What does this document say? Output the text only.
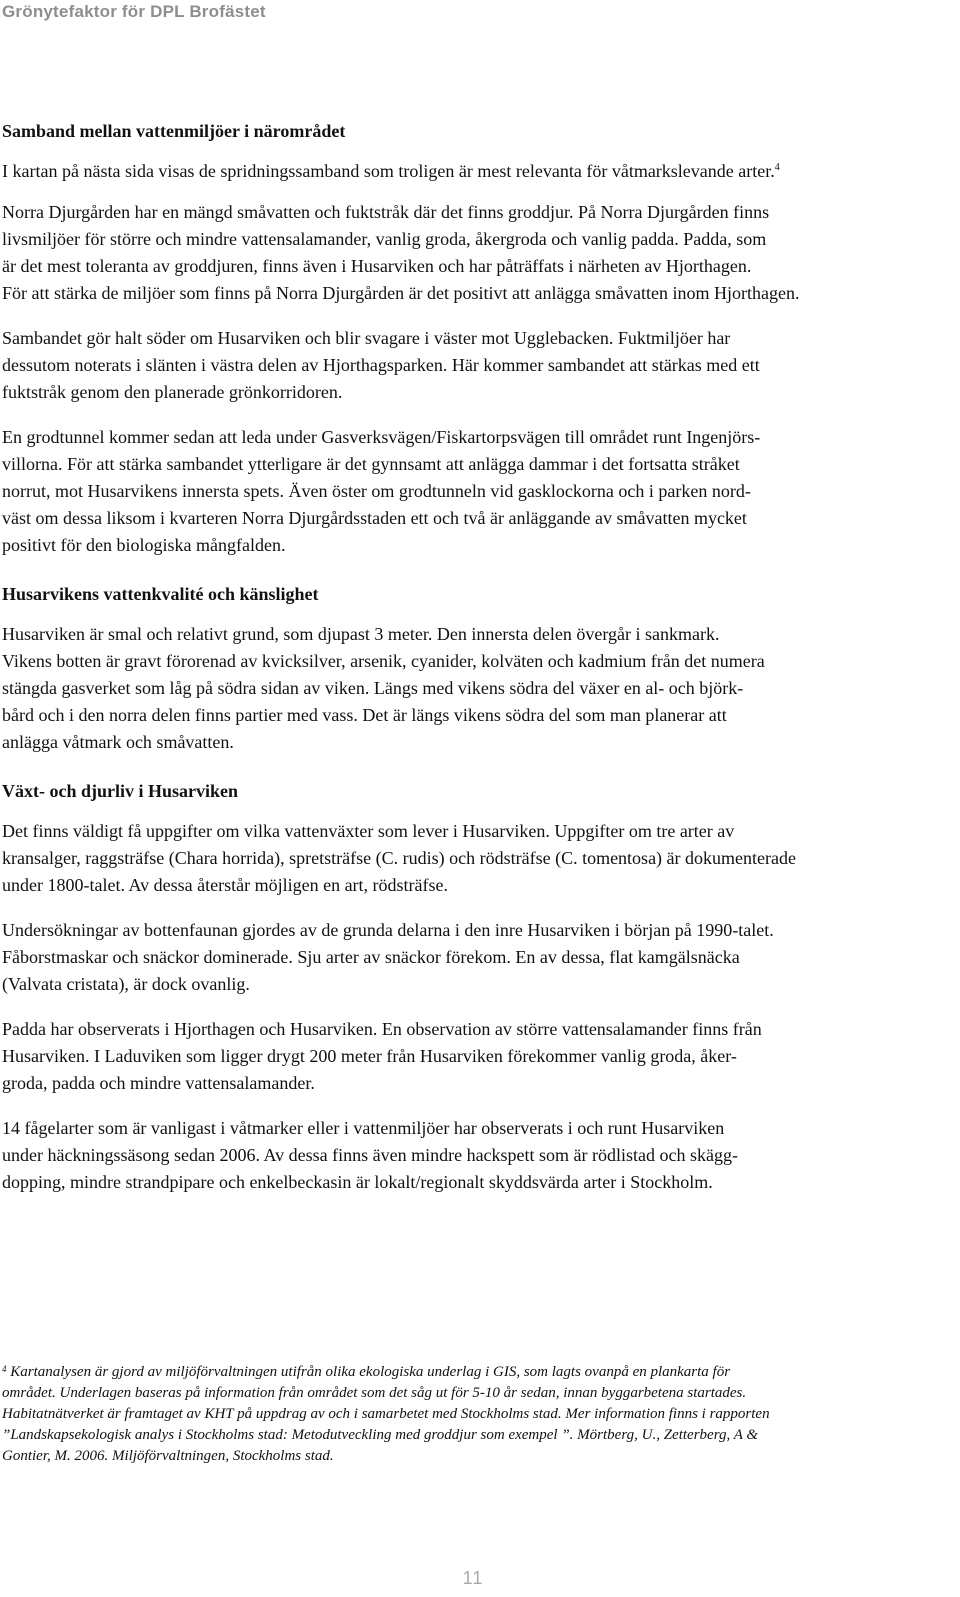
Grönytefaktor för DPL Brofästet
Samband mellan vattenmiljöer i närområdet

I kartan på nästa sida visas de spridningssamband som troligen är mest relevanta för våtmarkslevande arter.$^4$

Norra Djurgården har en mängd småvatten och fuktstråk där det finns groddjur. På Norra Djurgården finns
livsmiljöer för större och mindre vattensalamander, vanlig groda, åkergroda och vanlig padda. Padda, som
är det mest toleranta av groddjuren, finns även i Husarviken och har påträffats i närheten av Hjorthagen.
För att stärka de miljöer som finns på Norra Djurgården är det positivt att anlägga småvatten inom Hjorthagen.

Sambandet gör halt söder om Husarviken och blir svagare i väster mot Ugglebacken. Fuktmiljöer har
dessutom noterats i slänten i västra delen av Hjorthagsparken. Här kommer sambandet att stärkas med ett
fuktstråk genom den planerade grönkorridoren.

En grodtunnel kommer sedan att leda under Gasverksvägen/Fiskartorpsvägen till området runt Ingenjörs-
villorna. För att stärka sambandet ytterligare är det gynnsamt att anlägga dammar i det fortsatta stråket
norrut, mot Husarvikens innersta spets. Även öster om grodtunneln vid gasklockorna och i parken nord-
väst om dessa liksom i kvarteren Norra Djurgårdsstaden ett och två är anläggande av småvatten mycket
positivt för den biologiska mångfalden.

Husarvikens vattenkvalité och känslighet

Husarviken är smal och relativt grund, som djupast 3 meter. Den innersta delen övergår i sankmark.
Vikens botten är gravt förorenad av kvicksilver, arsenik, cyanider, kolväten och kadmium från det numera
stängda gasverket som låg på södra sidan av viken. Längs med vikens södra del växer en al- och björk-
bård och i den norra delen finns partier med vass. Det är längs vikens södra del som man planerar att
anlägga våtmark och småvatten.

Växt- och djurliv i Husarviken

Det finns väldigt få uppgifter om vilka vattenväxter som lever i Husarviken. Uppgifter om tre arter av
kransalger, raggsträfse (Chara horrida), spretsträfse (C. rudis) och rödsträfse (C. tomentosa) är dokumenterade
under 1800-talet. Av dessa återstår möjligen en art, rödsträfse.

Undersökningar av bottenfaunan gjordes av de grunda delarna i den inre Husarviken i början på 1990-talet.
Fåborstmaskar och snäckor dominerade. Sju arter av snäckor förekom. En av dessa, flat kamgälsnäcka
(Valvata cristata), är dock ovanlig.

Padda har observerats i Hjorthagen och Husarviken. En observation av större vattensalamander finns från
Husarviken. I Laduviken som ligger drygt 200 meter från Husarviken förekommer vanlig groda, åker-
groda, padda och mindre vattensalamander.

14 fågelarter som är vanligast i våtmarker eller i vattenmiljöer har observerats i och runt Husarviken
under häckningssäsong sedan 2006. Av dessa finns även mindre hackspett som är rödlistad och skägg-
dopping, mindre strandpipare och enkelbeckasin är lokalt/regionalt skyddsvärda arter i Stockholm.

$^4$ Kartanalysen är gjord av miljöförvaltningen utifrån olika ekologiska underlag i GIS, som lagts ovanpå en plankarta för
området. Underlagen baseras på information från området som det såg ut för 5-10 år sedan, innan byggarbetena startades.
Habitatnätverket är framtaget av KHT på uppdrag av och i samarbetet med Stockholms stad. Mer information finns i rapporten
”Landskapsekologisk analys i Stockholms stad: Metodutveckling med groddjur som exempel ”. Mörtberg, U., Zetterberg, A &
Gontier, M. 2006. Miljöförvaltningen, Stockholms stad.
11
